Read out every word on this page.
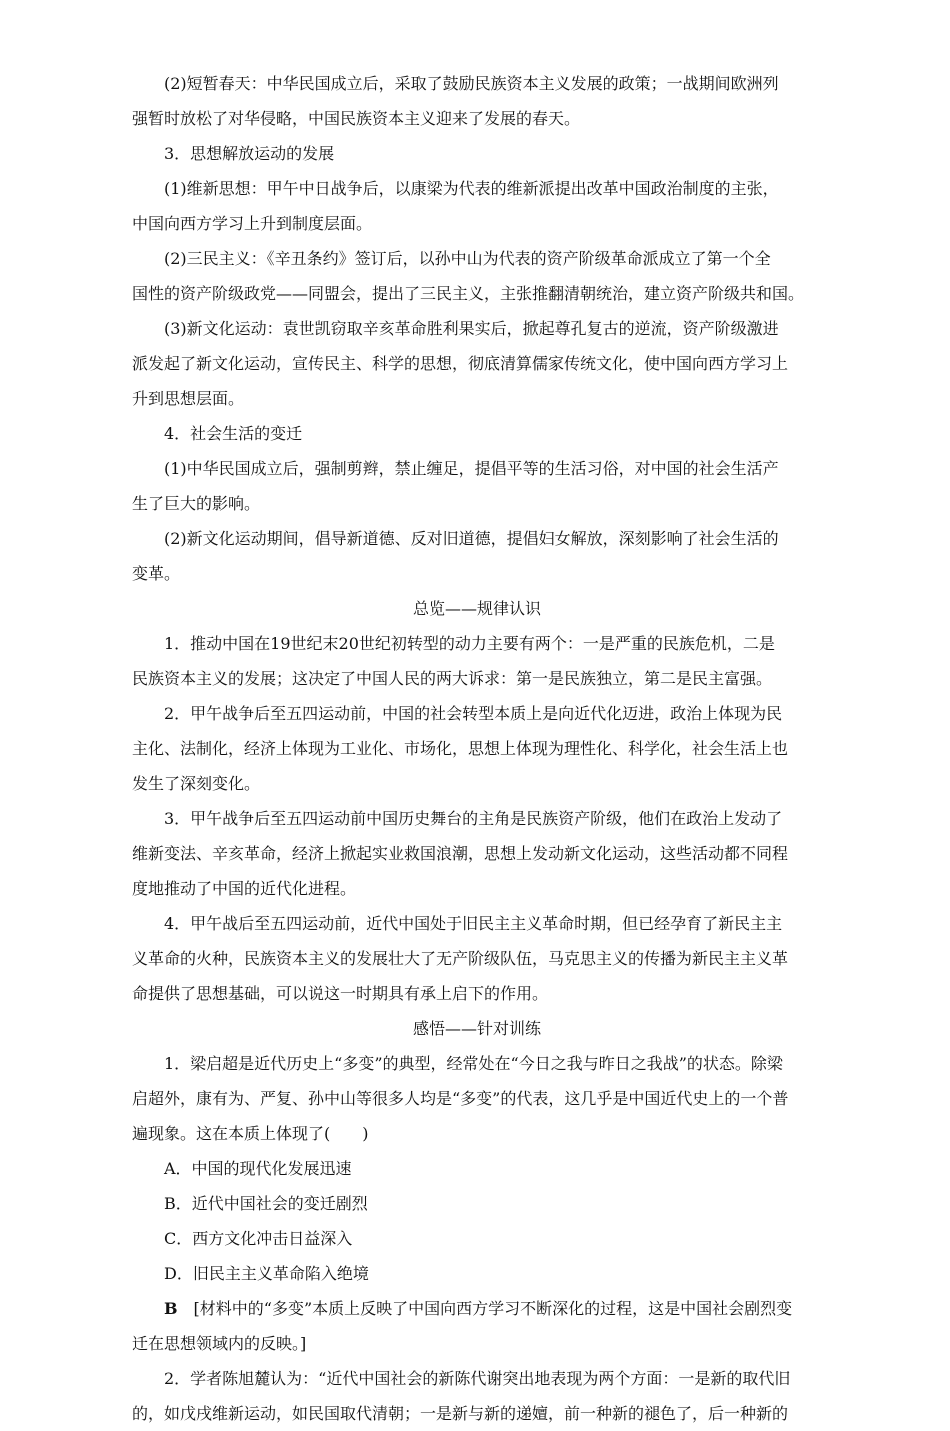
(2)短暂春天：中华民国成立后，采取了鼓励民族资本主义发展的政策；一战期间欧洲列
强暂时放松了对华侵略，中国民族资本主义迎来了发展的春天。
3．思想解放运动的发展
(1)维新思想：甲午中日战争后，以康梁为代表的维新派提出改革中国政治制度的主张，
中国向西方学习上升到制度层面。
(2)三民主义：《辛丑条约》签订后，以孙中山为代表的资产阶级革命派成立了第一个全
国性的资产阶级政党——同盟会，提出了三民主义，主张推翻清朝统治，建立资产阶级共和国。
(3)新文化运动：袁世凯窃取辛亥革命胜利果实后，掀起尊孔复古的逆流，资产阶级激进
派发起了新文化运动，宣传民主、科学的思想，彻底清算儒家传统文化，使中国向西方学习上
升到思想层面。
4．社会生活的变迁
(1)中华民国成立后，强制剪辫，禁止缠足，提倡平等的生活习俗，对中国的社会生活产
生了巨大的影响。
(2)新文化运动期间，倡导新道德、反对旧道德，提倡妇女解放，深刻影响了社会生活的
变革。
总览——规律认识
1．推动中国在19世纪末20世纪初转型的动力主要有两个：一是严重的民族危机，二是
民族资本主义的发展；这决定了中国人民的两大诉求：第一是民族独立，第二是民主富强。
2．甲午战争后至五四运动前，中国的社会转型本质上是向近代化迈进，政治上体现为民
主化、法制化，经济上体现为工业化、市场化，思想上体现为理性化、科学化，社会生活上也
发生了深刻变化。
3．甲午战争后至五四运动前中国历史舞台的主角是民族资产阶级，他们在政治上发动了
维新变法、辛亥革命，经济上掀起实业救国浪潮，思想上发动新文化运动，这些活动都不同程
度地推动了中国的近代化进程。
4．甲午战后至五四运动前，近代中国处于旧民主主义革命时期，但已经孕育了新民主主
义革命的火种，民族资本主义的发展壮大了无产阶级队伍，马克思主义的传播为新民主主义革
命提供了思想基础，可以说这一时期具有承上启下的作用。
感悟——针对训练
1．梁启超是近代历史上“多变”的典型，经常处在“今日之我与昨日之我战”的状态。除梁
启超外，康有为、严复、孙中山等很多人均是“多变”的代表，这几乎是中国近代史上的一个普
遍现象。这在本质上体现了(　　)
A．中国的现代化发展迅速
B．近代中国社会的变迁剧烈
C．西方文化冲击日益深入
D．旧民主主义革命陷入绝境
B　[材料中的“多变”本质上反映了中国向西方学习不断深化的过程，这是中国社会剧烈变
迁在思想领域内的反映。]
2．学者陈旭麓认为：“近代中国社会的新陈代谢突出地表现为两个方面：一是新的取代旧
的，如戊戌维新运动，如民国取代清朝；一是新与新的递嬗，前一种新的褪色了，后一种新的
